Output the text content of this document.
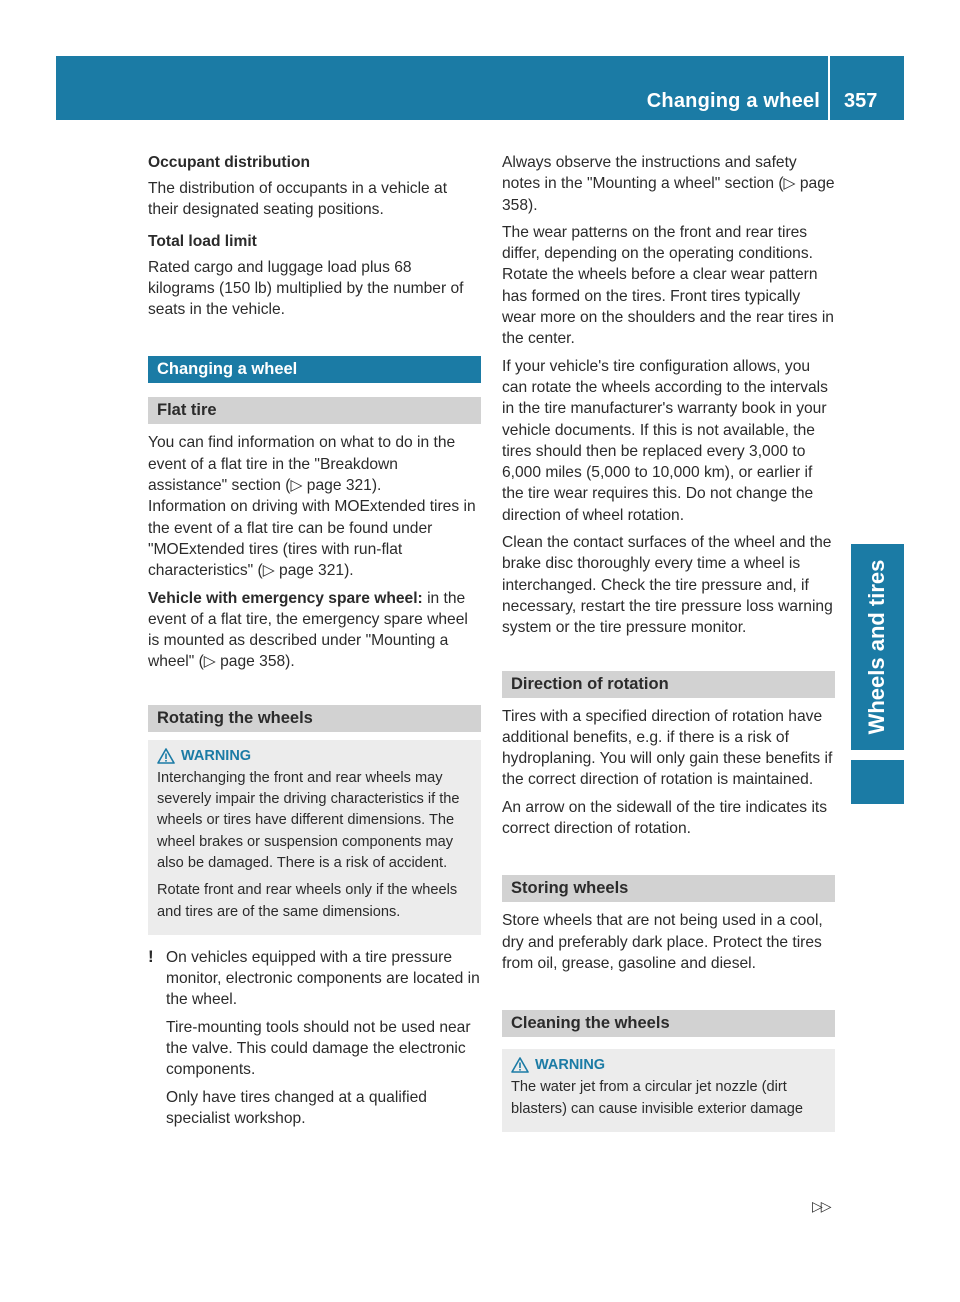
Changing a wheel 357
Wheels and tires
Occupant distribution

The distribution of occupants in a vehicle at their designated seating positions.

Total load limit

Rated cargo and luggage load plus 68 kilograms (150 lb) multiplied by the number of seats in the vehicle.

Changing a wheel
Flat tire

You can find information on what to do in the event of a flat tire in the "Breakdown assistance" section (▷ page 321).

Information on driving with MOExtended tires in the event of a flat tire can be found under "MOExtended tires (tires with run-flat characteristics" (▷ page 321).

Vehicle with emergency spare wheel: in the event of a flat tire, the emergency spare wheel is mounted as described under "Mounting a wheel" (▷ page 358).

Rotating the wheels
WARNING

Interchanging the front and rear wheels may severely impair the driving characteristics if the wheels or tires have different dimensions. The wheel brakes or suspension components may also be damaged. There is a risk of accident.

Rotate front and rear wheels only if the wheels and tires are of the same dimensions.

! On vehicles equipped with a tire pressure monitor, electronic components are located in the wheel.

Tire-mounting tools should not be used near the valve. This could damage the electronic components.

Only have tires changed at a qualified specialist workshop.

Always observe the instructions and safety notes in the "Mounting a wheel" section (▷ page 358).

The wear patterns on the front and rear tires differ, depending on the operating conditions. Rotate the wheels before a clear wear pattern has formed on the tires. Front tires typically wear more on the shoulders and the rear tires in the center.

If your vehicle's tire configuration allows, you can rotate the wheels according to the intervals in the tire manufacturer's warranty book in your vehicle documents. If this is not available, the tires should then be replaced every 3,000 to 6,000 miles (5,000 to 10,000 km), or earlier if the tire wear requires this. Do not change the direction of wheel rotation.

Clean the contact surfaces of the wheel and the brake disc thoroughly every time a wheel is interchanged. Check the tire pressure and, if necessary, restart the tire pressure loss warning system or the tire pressure monitor.

Direction of rotation

Tires with a specified direction of rotation have additional benefits, e.g. if there is a risk of hydroplaning. You will only gain these benefits if the correct direction of rotation is maintained.

An arrow on the sidewall of the tire indicates its correct direction of rotation.

Storing wheels

Store wheels that are not being used in a cool, dry and preferably dark place. Protect the tires from oil, grease, gasoline and diesel.

Cleaning the wheels
WARNING

The water jet from a circular jet nozzle (dirt blasters) can cause invisible exterior damage

▷▷
